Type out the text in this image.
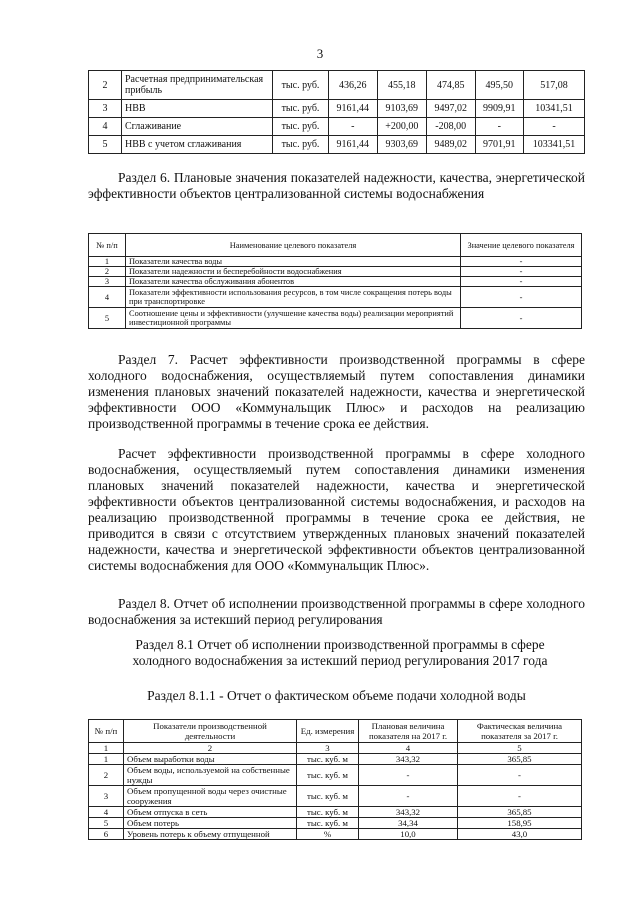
3
2	Расчетная предпринимательская прибыль	тыс. руб.	436,26	455,18	474,85	495,50	517,08
3	НВВ	тыс. руб.	9161,44	9103,69	9497,02	9909,91	10341,51
4	Сглаживание	тыс. руб.	-	+200,00	-208,00	-	-
5	НВВ с учетом сглаживания	тыс. руб.	9161,44	9303,69	9489,02	9701,91	103341,51
Раздел 6. Плановые значения показателей надежности, качества, энергетической эффективности объектов централизованной системы водоснабжения
№ п/п	Наименование целевого показателя	Значение целевого показателя
1	Показатели качества воды	-
2	Показатели надежности и бесперебойности водоснабжения	-
3	Показатели качества обслуживания абонентов	-
4	Показатели эффективности использования ресурсов, в том числе сокращения потерь воды при транспортировке	-
5	Соотношение цены и эффективности (улучшение качества воды) реализации мероприятий инвестиционной программы	-
Раздел 7. Расчет эффективности производственной программы в сфере холодного водоснабжения, осуществляемый путем сопоставления динамики изменения плановых значений показателей надежности, качества и энергетической эффективности ООО «Коммунальщик Плюс» и расходов на реализацию производственной программы в течение срока ее действия.
Расчет эффективности производственной программы в сфере холодного водоснабжения, осуществляемый путем сопоставления динамики изменения плановых значений показателей надежности, качества и энергетической эффективности объектов централизованной системы водоснабжения, и расходов на реализацию производственной программы в течение срока ее действия, не приводится в связи с отсутствием утвержденных плановых значений показателей надежности, качества и энергетической эффективности объектов централизованной системы водоснабжения для ООО «Коммунальщик Плюс».
Раздел 8. Отчет об исполнении производственной программы в сфере холодного водоснабжения за истекший период регулирования
Раздел 8.1 Отчет об исполнении производственной программы в сфере холодного водоснабжения за истекший период регулирования 2017 года
Раздел 8.1.1 - Отчет о фактическом объеме подачи холодной воды
№ п/п	Показатели производственной деятельности	Ед. измерения	Плановая величина показателя на 2017 г.	Фактическая величина показателя за 2017 г.
1	2	3	4	5
1	Объем выработки воды	тыс. куб. м	343,32	365,85
2	Объем воды, используемой на собственные нужды	тыс. куб. м	-	-
3	Объем пропущенной воды через очистные сооружения	тыс. куб. м	-	-
4	Объем отпуска в сеть	тыс. куб. м	343,32	365,85
5	Объем потерь	тыс. куб. м	34,34	158,95
6	Уровень потерь к объему отпущенной	%	10,0	43,0
